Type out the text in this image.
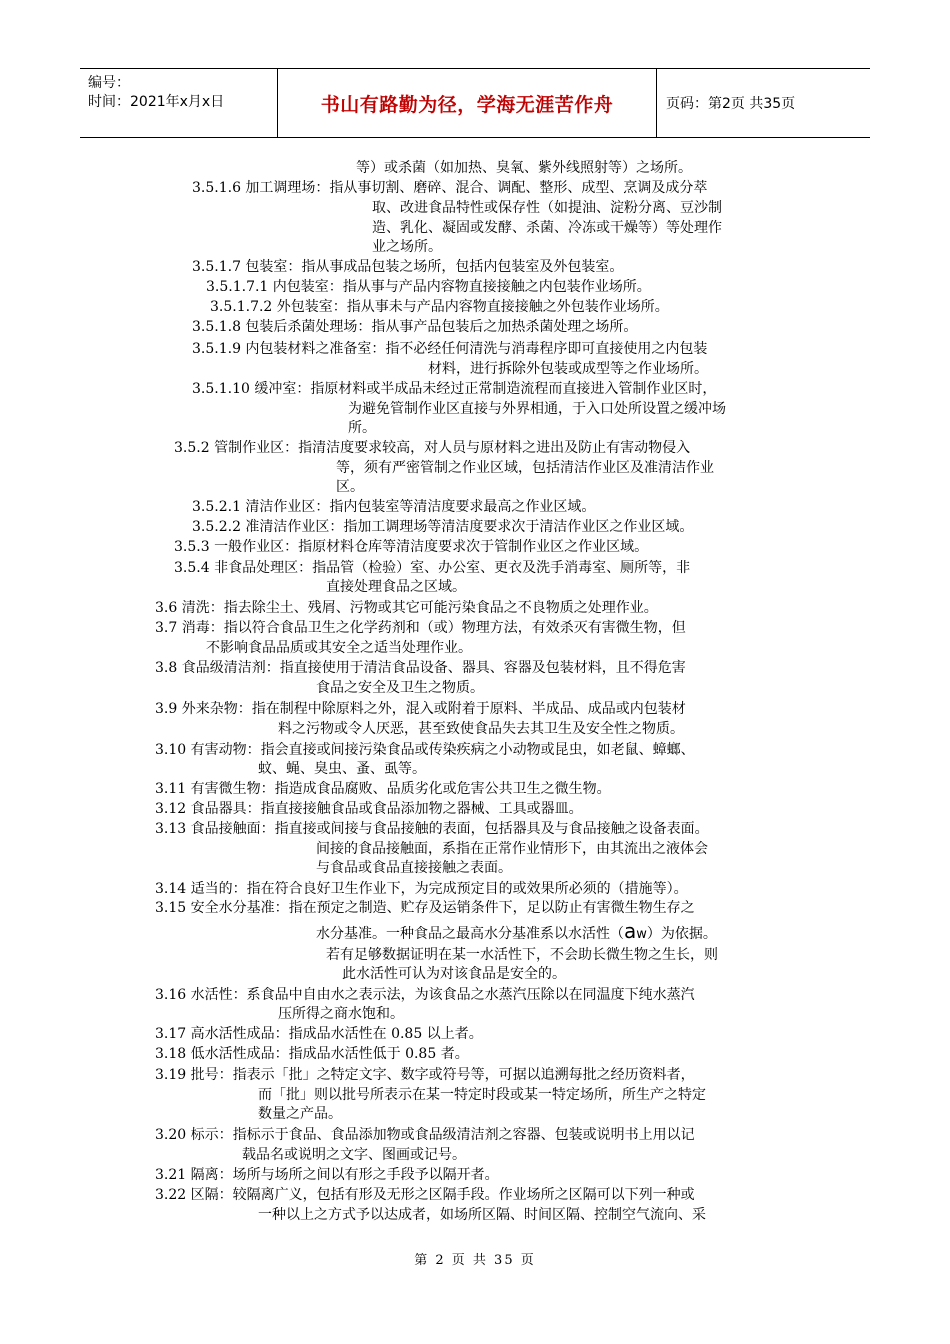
编号：
时间：2021年x月x日	书山有路勤为径，学海无涯苦作舟	页码：第2页 共35页
等）或杀菌（如加热、臭氧、紫外线照射等）之场所。
3.5.1.6 加工调理场：指从事切割、磨碎、混合、调配、整形、成型、烹调及成分萃
取、改进食品特性或保存性（如提油、淀粉分离、豆沙制
造、乳化、凝固或发酵、杀菌、冷冻或干燥等）等处理作
业之场所。
3.5.1.7 包装室：指从事成品包装之场所，包括内包装室及外包装室。
3.5.1.7.1 内包装室：指从事与产品内容物直接接触之内包装作业场所。
3.5.1.7.2 外包装室：指从事未与产品内容物直接接触之外包装作业场所。
3.5.1.8 包装后杀菌处理场：指从事产品包装后之加热杀菌处理之场所。
3.5.1.9 内包装材料之准备室：指不必经任何清洗与消毒程序即可直接使用之内包装
材料，进行拆除外包装或成型等之作业场所。
3.5.1.10 缓冲室：指原材料或半成品未经过正常制造流程而直接进入管制作业区时，
为避免管制作业区直接与外界相通，于入口处所设置之缓冲场
所。
3.5.2 管制作业区：指清洁度要求较高，对人员与原材料之进出及防止有害动物侵入
等，须有严密管制之作业区域，包括清洁作业区及准清洁作业
区。
3.5.2.1 清洁作业区：指内包装室等清洁度要求最高之作业区域。
3.5.2.2 准清洁作业区：指加工调理场等清洁度要求次于清洁作业区之作业区域。
3.5.3 一般作业区：指原材料仓库等清洁度要求次于管制作业区之作业区域。
3.5.4 非食品处理区：指品管（检验）室、办公室、更衣及洗手消毒室、厕所等，非
直接处理食品之区域。
3.6 清洗：指去除尘土、残屑、污物或其它可能污染食品之不良物质之处理作业。
3.7 消毒：指以符合食品卫生之化学药剂和（或）物理方法，有效杀灭有害微生物，但
不影响食品品质或其安全之适当处理作业。
3.8 食品级清洁剂：指直接使用于清洁食品设备、器具、容器及包装材料，且不得危害
食品之安全及卫生之物质。
3.9 外来杂物：指在制程中除原料之外，混入或附着于原料、半成品、成品或内包装材
料之污物或令人厌恶，甚至致使食品失去其卫生及安全性之物质。
3.10 有害动物：指会直接或间接污染食品或传染疾病之小动物或昆虫，如老鼠、蟑螂、
蚊、蝇、臭虫、蚤、虱等。
3.11 有害微生物：指造成食品腐败、品质劣化或危害公共卫生之微生物。
3.12 食品器具：指直接接触食品或食品添加物之器械、工具或器皿。
3.13 食品接触面：指直接或间接与食品接触的表面，包括器具及与食品接触之设备表面。
间接的食品接触面，系指在正常作业情形下，由其流出之液体会
与食品或食品直接接触之表面。
3.14 适当的：指在符合良好卫生作业下，为完成预定目的或效果所必须的（措施等）。
3.15 安全水分基准：指在预定之制造、贮存及运销条件下，足以防止有害微生物生存之
水分基准。一种食品之最高水分基准系以水活性（aw）为依据。
若有足够数据证明在某一水活性下，不会助长微生物之生长，则
此水活性可认为对该食品是安全的。
3.16 水活性：系食品中自由水之表示法，为该食品之水蒸汽压除以在同温度下纯水蒸汽
压所得之商水饱和。
3.17 高水活性成品：指成品水活性在 0.85 以上者。
3.18 低水活性成品：指成品水活性低于 0.85 者。
3.19 批号：指表示「批」之特定文字、数字或符号等，可据以追溯每批之经历资料者，
而「批」则以批号所表示在某一特定时段或某一特定场所，所生产之特定
数量之产品。
3.20 标示：指标示于食品、食品添加物或食品级清洁剂之容器、包装或说明书上用以记
载品名或说明之文字、图画或记号。
3.21 隔离：场所与场所之间以有形之手段予以隔开者。
3.22 区隔：较隔离广义，包括有形及无形之区隔手段。作业场所之区隔可以下列一种或
一种以上之方式予以达成者，如场所区隔、时间区隔、控制空气流向、采
第 2 页 共 35 页
